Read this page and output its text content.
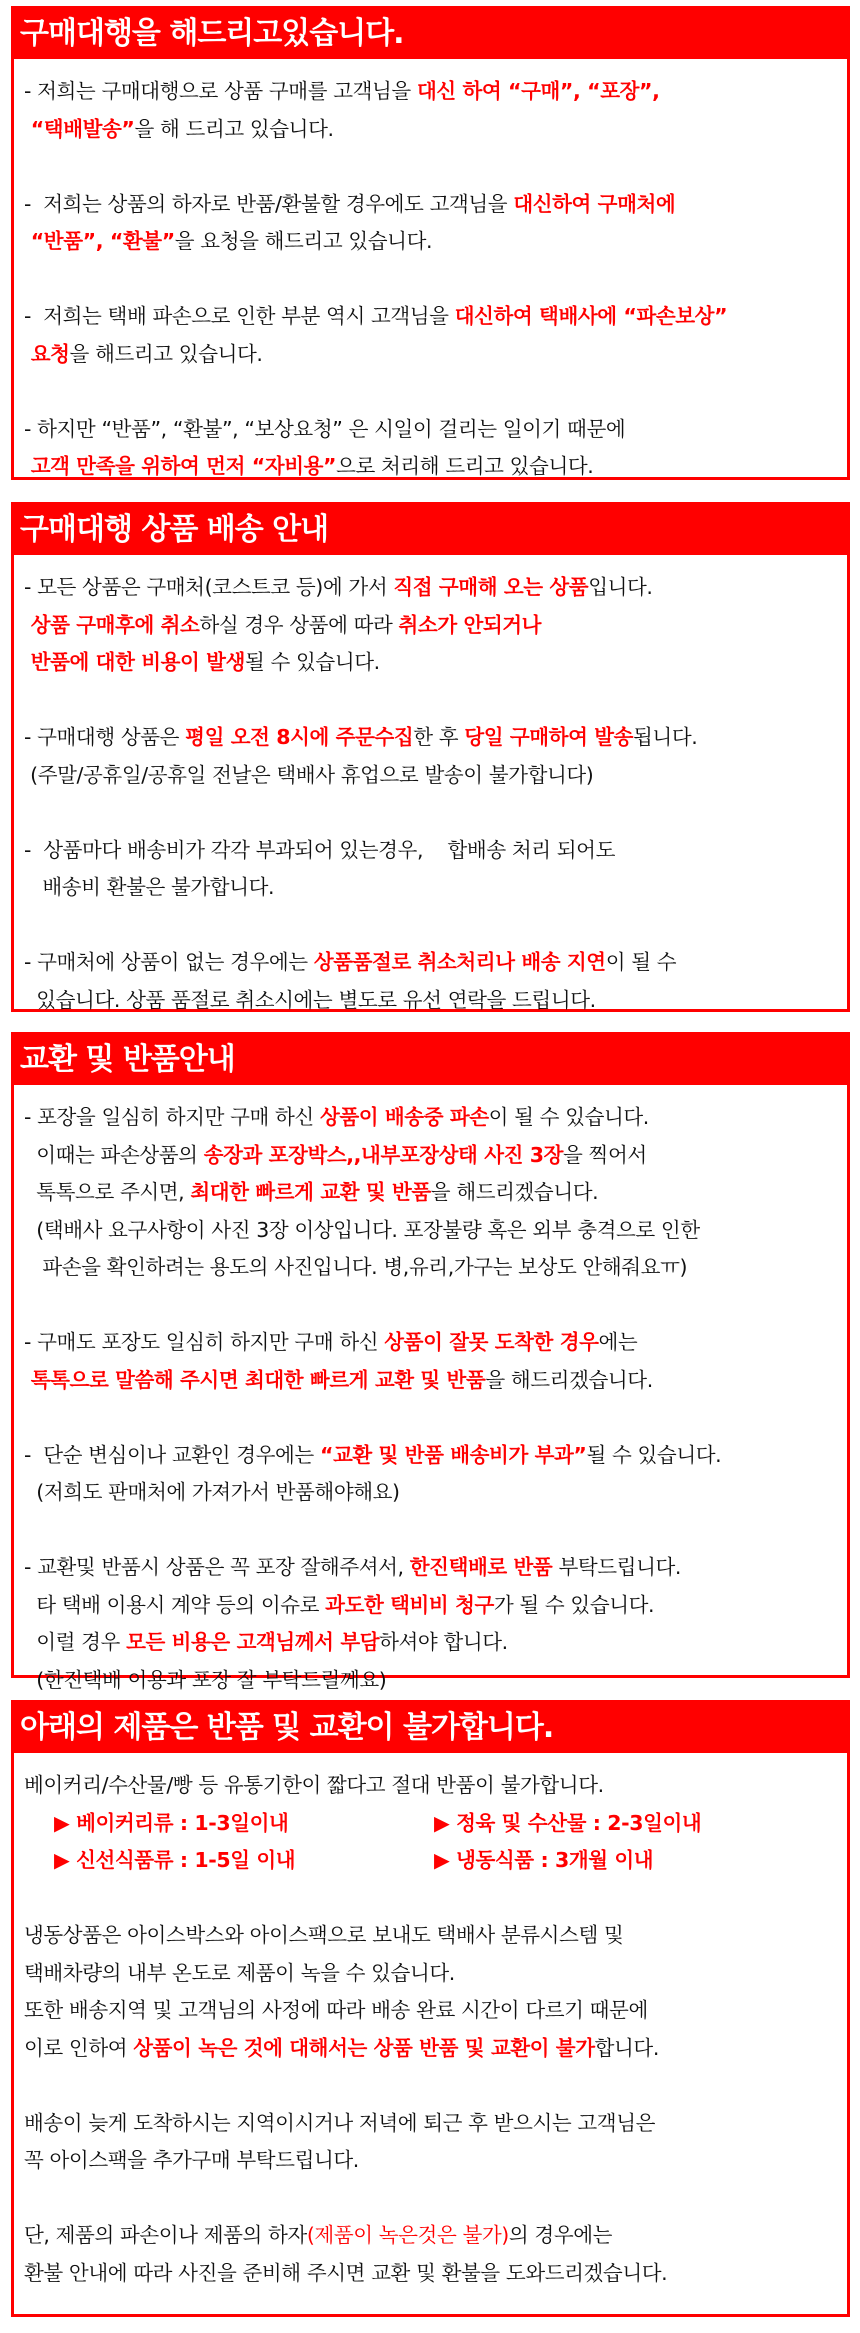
구매대행을 해드리고있습니다.
- 저희는 구매대행으로 상품 구매를 고객님을 대신 하여 “구매”, “포장”,
“택배발송”을 해 드리고 있습니다.
-  저희는 상품의 하자로 반품/환불할 경우에도 고객님을 대신하여 구매처에
“반품”, “환불”을 요청을 해드리고 있습니다.
-  저희는 택배 파손으로 인한 부분 역시 고객님을 대신하여 택배사에 “파손보상”
요청을 해드리고 있습니다.
- 하지만 “반품”, “환불”, “보상요청” 은 시일이 걸리는 일이기 때문에
고객 만족을 위하여 먼저 “자비용”으로 처리해 드리고 있습니다.
구매대행 상품 배송 안내
- 모든 상품은 구매처(코스트코 등)에 가서 직접 구매해 오는 상품입니다.
상품 구매후에 취소하실 경우 상품에 따라 취소가 안되거나
반품에 대한 비용이 발생될 수 있습니다.
- 구매대행 상품은 평일 오전 8시에 주문수집한 후 당일 구매하여 발송됩니다.
(주말/공휴일/공휴일 전날은 택배사 휴업으로 발송이 불가합니다)
-  상품마다 배송비가 각각 부과되어 있는경우,    합배송 처리 되어도
배송비 환불은 불가합니다.
- 구매처에 상품이 없는 경우에는 상품품절로 취소처리나 배송 지연이 될 수
있습니다. 상품 품절로 취소시에는 별도로 유선 연락을 드립니다.
교환 및 반품안내
- 포장을 일심히 하지만 구매 하신 상품이 배송중 파손이 될 수 있습니다.
이때는 파손상품의 송장과 포장박스,,내부포장상태 사진 3장을 찍어서
톡톡으로 주시면, 최대한 빠르게 교환 및 반품을 해드리겠습니다.
(택배사 요구사항이 사진 3장 이상입니다. 포장불량 혹은 외부 충격으로 인한
파손을 확인하려는 용도의 사진입니다. 병,유리,가구는 보상도 안해줘요ㅠ)
- 구매도 포장도 일심히 하지만 구매 하신 상품이 잘못 도착한 경우에는
톡톡으로 말씀해 주시면 최대한 빠르게 교환 및 반품을 해드리겠습니다.
-  단순 변심이나 교환인 경우에는 “교환 및 반품 배송비가 부과”될 수 있습니다.
(저희도 판매처에 가져가서 반품해야해요)
- 교환및 반품시 상품은 꼭 포장 잘해주셔서, 한진택배로 반품 부탁드립니다.
타 택배 이용시 계약 등의 이슈로 과도한 택비비 청구가 될 수 있습니다.
이럴 경우 모든 비용은 고객님께서 부담하셔야 합니다.
(한진택배 이용과 포장 잘 부탁드릴께요)
아래의 제품은 반품 및 교환이 불가합니다.
베이커리/수산물/빵 등 유통기한이 짧다고 절대 반품이 불가합니다.
▶ 베이커리류 : 1-3일이내	▶ 정육 및 수산물 : 2-3일이내
▶ 신선식품류 : 1-5일 이내	▶ 냉동식품 : 3개월 이내
냉동상품은 아이스박스와 아이스팩으로 보내도 택배사 분류시스템 및
택배차량의 내부 온도로 제품이 녹을 수 있습니다.
또한 배송지역 및 고객님의 사정에 따라 배송 완료 시간이 다르기 때문에
이로 인하여 상품이 녹은 것에 대해서는 상품 반품 및 교환이 불가합니다.
배송이 늦게 도착하시는 지역이시거나 저녁에 퇴근 후 받으시는 고객님은
꼭 아이스팩을 추가구매 부탁드립니다.
단, 제품의 파손이나 제품의 하자(제품이 녹은것은 불가)의 경우에는
환불 안내에 따라 사진을 준비해 주시면 교환 및 환불을 도와드리겠습니다.
